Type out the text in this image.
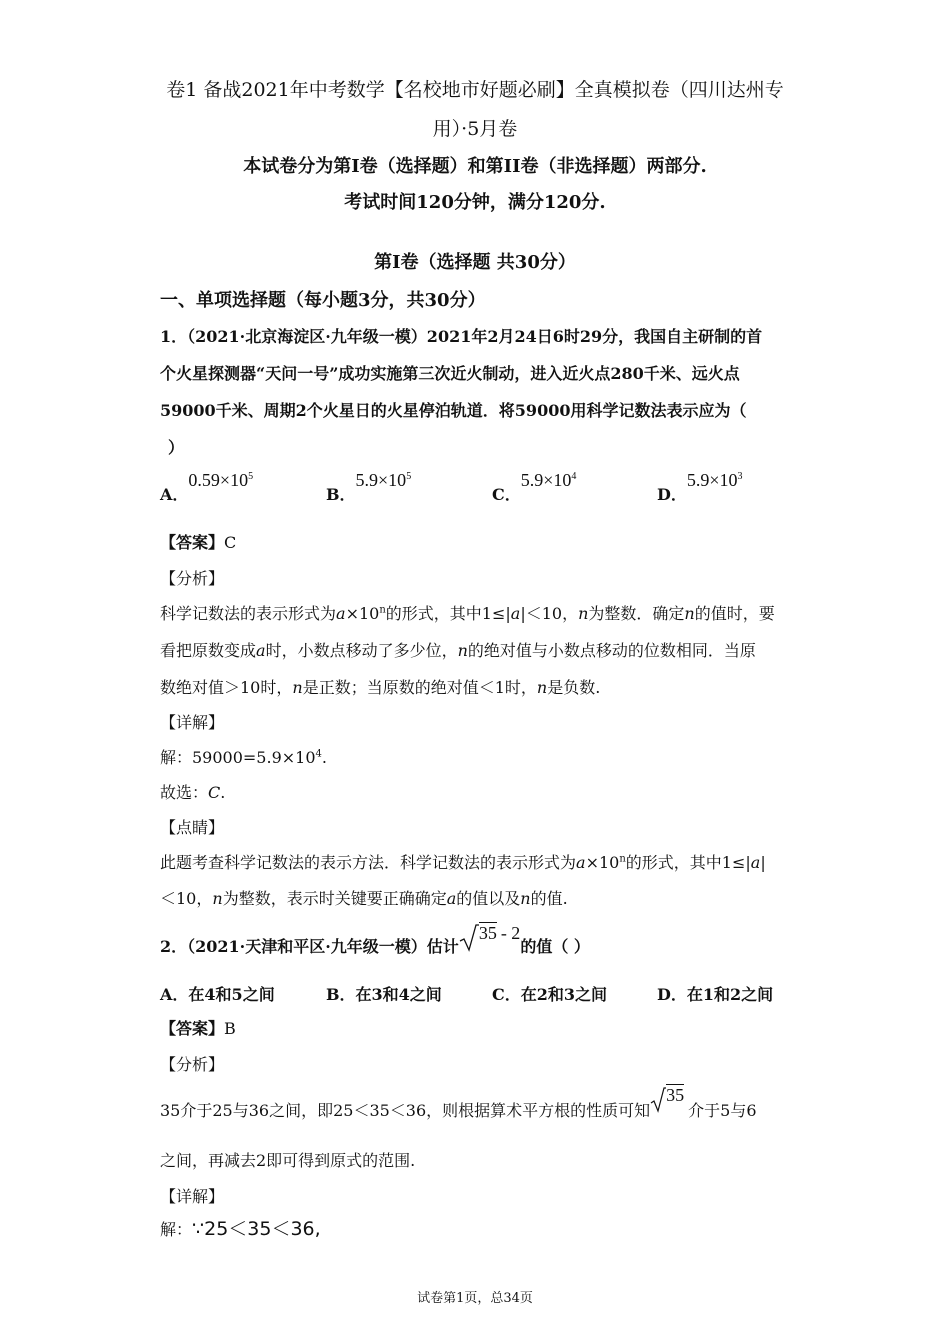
卷1 备战2021年中考数学【名校地市好题必刷】全真模拟卷（四川达州专
用）·5月卷
本试卷分为第I卷（选择题）和第II卷（非选择题）两部分.
考试时间120分钟，满分120分.
第I卷（选择题 共30分）
一、单项选择题（每小题3分，共30分）
1．（2021·北京海淀区·九年级一模）2021年2月24日6时29分，我国自主研制的首
个火星探测器“天问一号”成功实施第三次近火制动，进入近火点280千米、远火点
59000千米、周期2个火星日的火星停泊轨道．将59000用科学记数法表示应为（
）
A．$0.59\times 10^5$
B．$5.9\times 10^5$
C．$5.9\times 10^4$
D．$5.9\times 10^3$
【答案】C
【分析】
科学记数法的表示形式为$a\times 10^n$的形式，其中1≤|a|＜10，n为整数．确定n的值时，要
看把原数变成a时，小数点移动了多少位，n的绝对值与小数点移动的位数相同．当原
数绝对值＞10时，n是正数；当原数的绝对值＜1时，n是负数.
【详解】
解：$59000=5.9\times 10^4$.
故选：C.
【点睛】
此题考查科学记数法的表示方法．科学记数法的表示形式为$a\times 10^n$的形式，其中1≤|a|
＜10，n为整数，表示时关键要正确确定a的值以及n的值.
2．（2021·天津和平区·九年级一模）估计35 - 2的值（ ）
A．在4和5之间	B．在3和4之间	C．在2和3之间	D．在1和2之间
【答案】B
【分析】
35介于25与36之间，即25＜35＜36，则根据算术平方根的性质可知35介于5与6
之间，再减去2即可得到原式的范围.
【详解】
解：∵25＜35＜36,
试卷第1页，总34页
